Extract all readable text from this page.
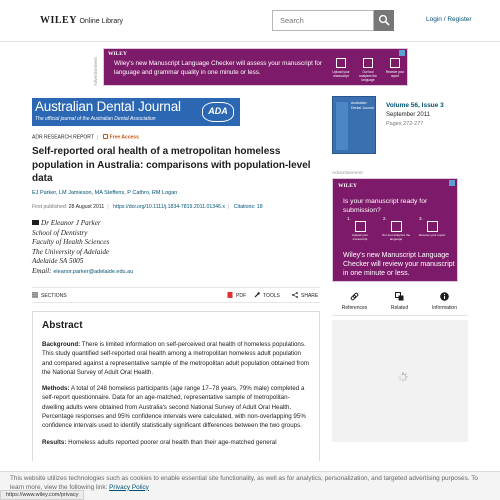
WILEY Online Library
Search	Login / Register
Advertisement
WILEY
Wiley's new Manuscript Language Checker will assess your manuscript for language and grammar quality in one minute or less.	Upload your manuscript
Our tool analyzes the language
Receive your report
Australian Dental Journal
The official journal of the Australian Dental Association
ADA
ADR RESEARCH REPORT | Free Access
Self-reported oral health of a metropolitan homeless population in Australia: comparisons with population-level data
EJ Parker, LM Jamieson, MA Steffens, P Cathro, RM Logan
First published: 28 August 2011 | https://doi.org/10.1111/j.1834-7819.2011.01346.x | Citations: 18
Dr Eleanor J Parker
School of Dentistry
Faculty of Health Sciences
The University of Adelaide
Adelaide SA 5005
Email: eleanor.parker@adelaide.edu.au
SECTIONS	PDF	TOOLS	SHARE
Abstract

Background: There is limited information on self-perceived oral health of homeless populations. This study quantified self-reported oral health among a metropolitan homeless adult population and compared against a representative sample of the metropolitan adult population obtained from the National Survey of Adult Oral Health.

Methods: A total of 248 homeless participants (age range 17–78 years, 79% male) completed a self-report questionnaire. Data for an age-matched, representative sample of metropolitan-dwelling adults were obtained from Australia's second National Survey of Adult Oral Health. Percentage responses and 95% confidence intervals were calculated, with non-overlapping 95% confidence intervals used to identify statistically significant differences between the two groups.

Results: Homeless adults reported poorer oral health than their age-matched general

Australian Dental Journal Volume 56, Issue 3
September 2011
Pages 272-277
Advertisement
WILEY
Is your manuscript ready for submission?
1.
Upload your manuscript
2.
Our tool analyzes the language
3.
Receive your report
Wiley's new Manuscript Language Checker will review your manuscript in one minute or less.
References	Related	Information
This website utilizes technologies such as cookies to enable essential site functionality, as well as for analytics, personalization, and targeted advertising purposes. To learn more, view the following link: Privacy Policy
https://www.wiley.com/privacy
